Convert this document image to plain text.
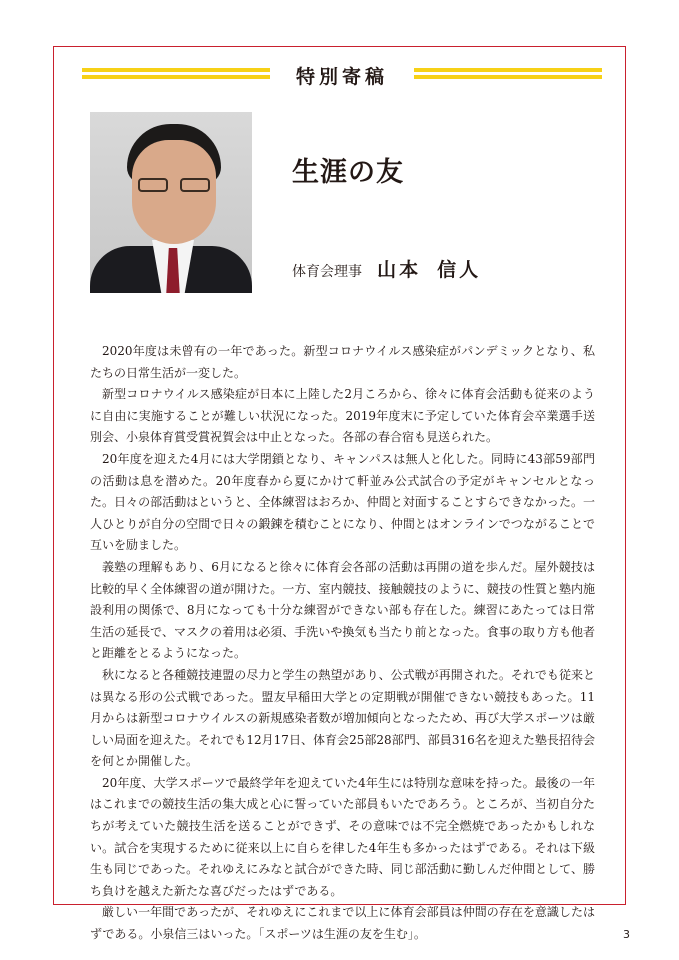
特別寄稿
生涯の友
体育会理事 山本 信人

2020年度は未曾有の一年であった。新型コロナウイルス感染症がパンデミックとなり、私たちの日常生活が一変した。

新型コロナウイルス感染症が日本に上陸した2月ころから、徐々に体育会活動も従来のように自由に実施することが難しい状況になった。2019年度末に予定していた体育会卒業選手送別会、小泉体育賞受賞祝賀会は中止となった。各部の春合宿も見送られた。

20年度を迎えた4月には大学閉鎖となり、キャンパスは無人と化した。同時に43部59部門の活動は息を潜めた。20年度春から夏にかけて軒並み公式試合の予定がキャンセルとなった。日々の部活動はというと、全体練習はおろか、仲間と対面することすらできなかった。一人ひとりが自分の空間で日々の鍛錬を積むことになり、仲間とはオンラインでつながることで互いを励ました。

義塾の理解もあり、6月になると徐々に体育会各部の活動は再開の道を歩んだ。屋外競技は比較的早く全体練習の道が開けた。一方、室内競技、接触競技のように、競技の性質と塾内施設利用の関係で、8月になっても十分な練習ができない部も存在した。練習にあたっては日常生活の延長で、マスクの着用は必須、手洗いや換気も当たり前となった。食事の取り方も他者と距離をとるようになった。

秋になると各種競技連盟の尽力と学生の熱望があり、公式戦が再開された。それでも従来とは異なる形の公式戦であった。盟友早稲田大学との定期戦が開催できない競技もあった。11月からは新型コロナウイルスの新規感染者数が増加傾向となったため、再び大学スポーツは厳しい局面を迎えた。それでも12月17日、体育会25部28部門、部員316名を迎えた塾長招待会を何とか開催した。

20年度、大学スポーツで最終学年を迎えていた4年生には特別な意味を持った。最後の一年はこれまでの競技生活の集大成と心に誓っていた部員もいたであろう。ところが、当初自分たちが考えていた競技生活を送ることができず、その意味では不完全燃焼であったかもしれない。試合を実現するために従来以上に自らを律した4年生も多かったはずである。それは下級生も同じであった。それゆえにみなと試合ができた時、同じ部活動に勤しんだ仲間として、勝ち負けを越えた新たな喜びだったはずである。

厳しい一年間であったが、それゆえにこれまで以上に体育会部員は仲間の存在を意識したはずである。小泉信三はいった。「スポーツは生涯の友を生む」。	3
